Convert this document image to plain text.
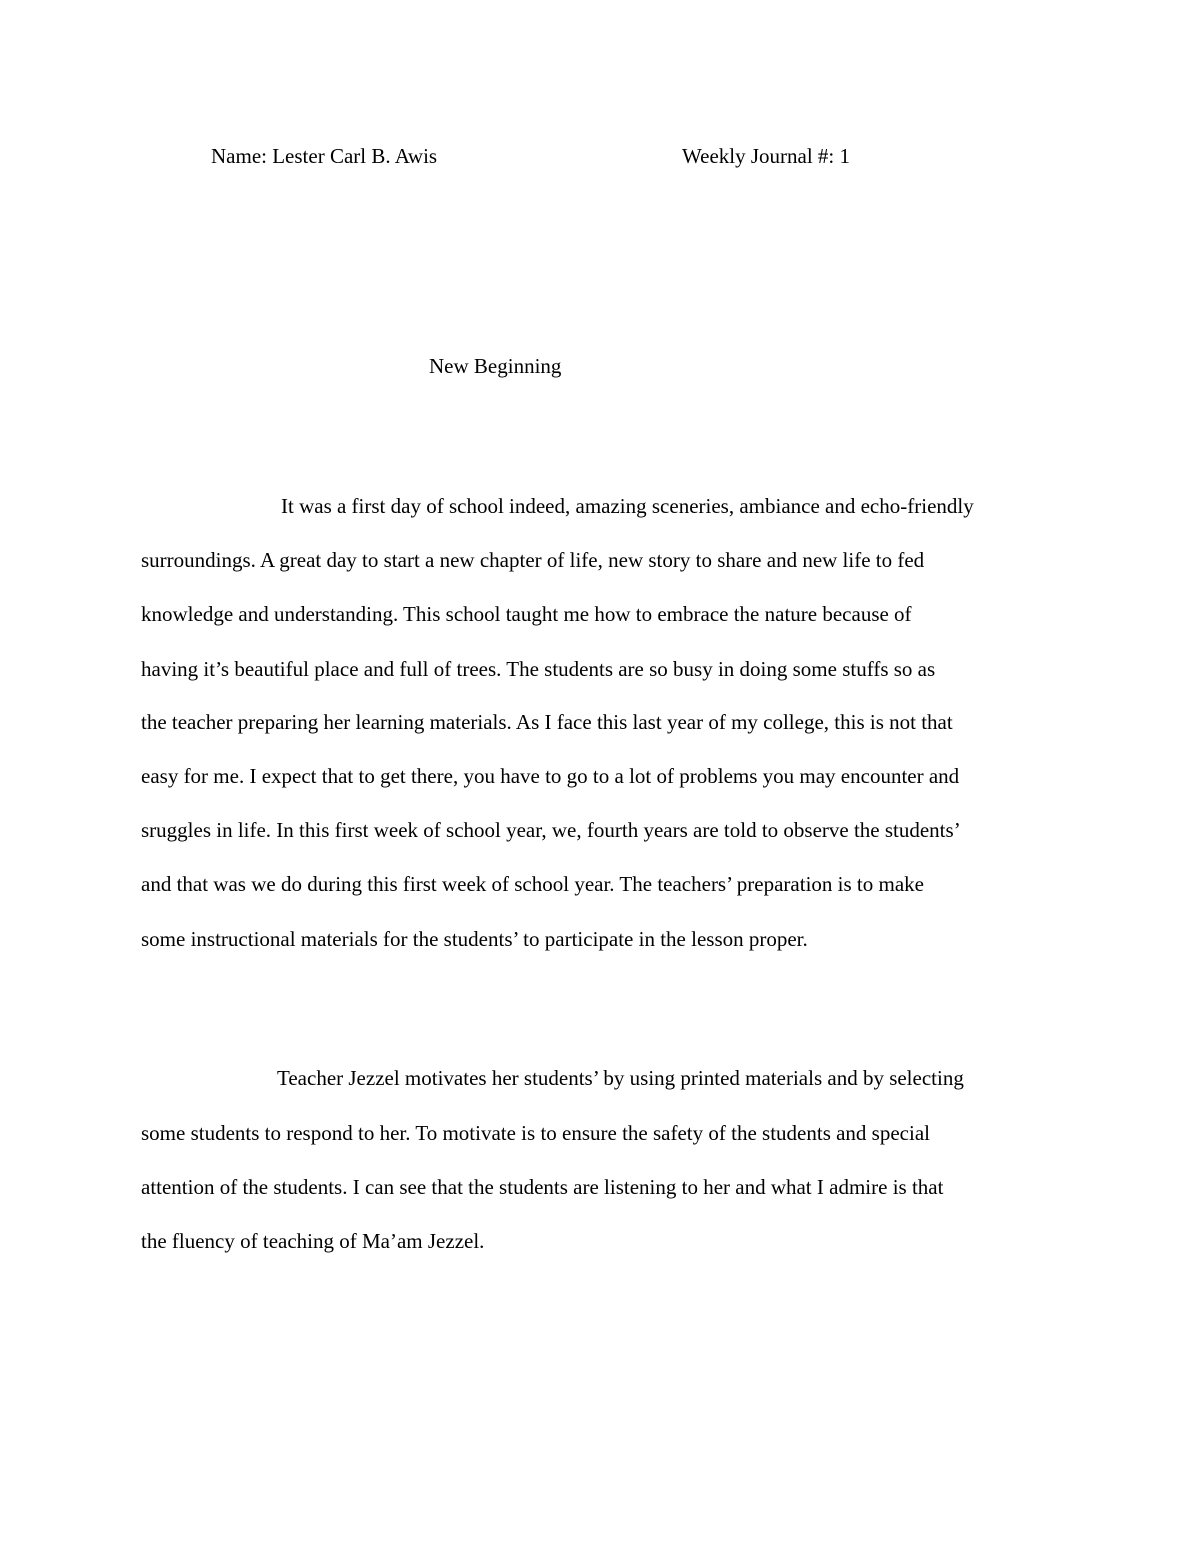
Name: Lester Carl B. Awis	Weekly Journal #: 1
New Beginning
It was a first day of school indeed, amazing sceneries, ambiance and echo-friendly
surroundings. A great day to start a new chapter of life, new story to share and new life to fed
knowledge and understanding. This school taught me how to embrace the nature because of
having it’s beautiful place and full of trees. The students are so busy in doing some stuffs so as
the teacher preparing her learning materials. As I face this last year of my college, this is not that
easy for me. I expect that to get there, you have to go to a lot of problems you may encounter and
sruggles in life. In this first week of school year, we, fourth years are told to observe the students’
and that was we do during this first week of school year. The teachers’ preparation is to make
some instructional materials for the students’ to participate in the lesson proper.
Teacher Jezzel motivates her students’ by using printed materials and by selecting
some students to respond to her. To motivate is to ensure the safety of the students and special
attention of the students. I can see that the students are listening to her and what I admire is that
the fluency of teaching of Ma’am Jezzel.
